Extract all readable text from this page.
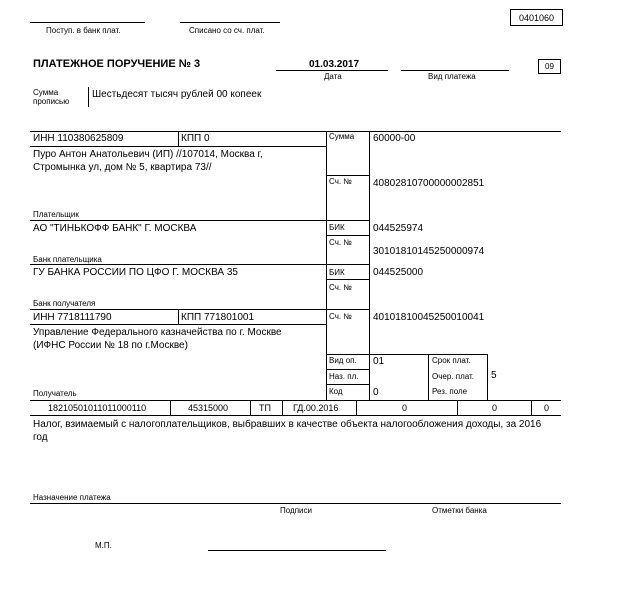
0401060
Поступ. в банк плат.	Списано со сч. плат.
ПЛАТЕЖНОЕ ПОРУЧЕНИЕ № 3	01.03.2017
Дата	Вид платежа
09
Сумма
прописью
Шестьдесят тысяч рублей 00 копеек
ИНН 110380625809	КПП 0
Пуро Антон Анатольевич (ИП) //107014, Москва г,
Стромынка ул, дом № 5, квартира 73//
Плательщик
Сумма 60000-00
Сч. № 40802810700000002851
АО "ТИНЬКОФФ БАНК" Г. МОСКВА
Банк плательщика
БИК	044525974
Сч. №
30101810145250000974
ГУ БАНКА РОССИИ ПО ЦФО Г. МОСКВА 35
Банк получателя
БИК	044525000
Сч. №
ИНН 7718111790	КПП 771801001	Сч. № 40101810045250010041
Управление Федерального казначейства по г. Москве
(ИФНС России № 18 по г.Москве)
Получатель
Вид оп. 01	Срок плат.
Наз. пл.	Очер. плат. 5
Код	0	Рез. поле
18210501011011000110	45315000	ТП ГД.00.2016	0	0	0
Налог, взимаемый с налогоплательщиков, выбравших в качестве объекта налогообложения доходы, за 2016
год
Назначение платежа
Подписи	Отметки банка
М.П.
